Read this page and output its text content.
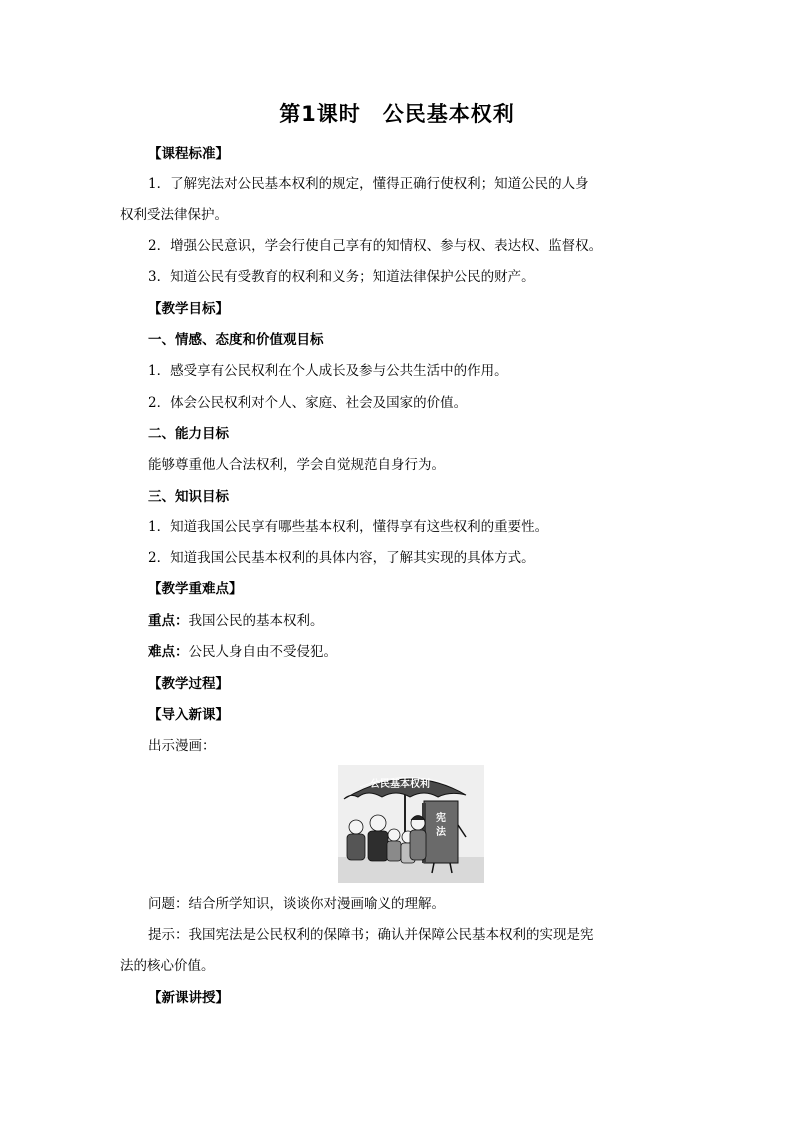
第1课时　公民基本权利
【课程标准】
1．了解宪法对公民基本权利的规定，懂得正确行使权利；知道公民的人身
权利受法律保护。
2．增强公民意识，学会行使自己享有的知情权、参与权、表达权、监督权。
3．知道公民有受教育的权利和义务；知道法律保护公民的财产。
【教学目标】
一、情感、态度和价值观目标
1．感受享有公民权利在个人成长及参与公共生活中的作用。
2．体会公民权利对个人、家庭、社会及国家的价值。
二、能力目标
能够尊重他人合法权利，学会自觉规范自身行为。
三、知识目标
1．知道我国公民享有哪些基本权利，懂得享有这些权利的重要性。
2．知道我国公民基本权利的具体内容，了解其实现的具体方式。
【教学重难点】
重点：我国公民的基本权利。
难点：公民人身自由不受侵犯。
【教学过程】
【导入新课】
出示漫画：
公民基本权利
宪
法
问题：结合所学知识，谈谈你对漫画喻义的理解。
提示：我国宪法是公民权利的保障书；确认并保障公民基本权利的实现是宪
法的核心价值。
【新课讲授】
